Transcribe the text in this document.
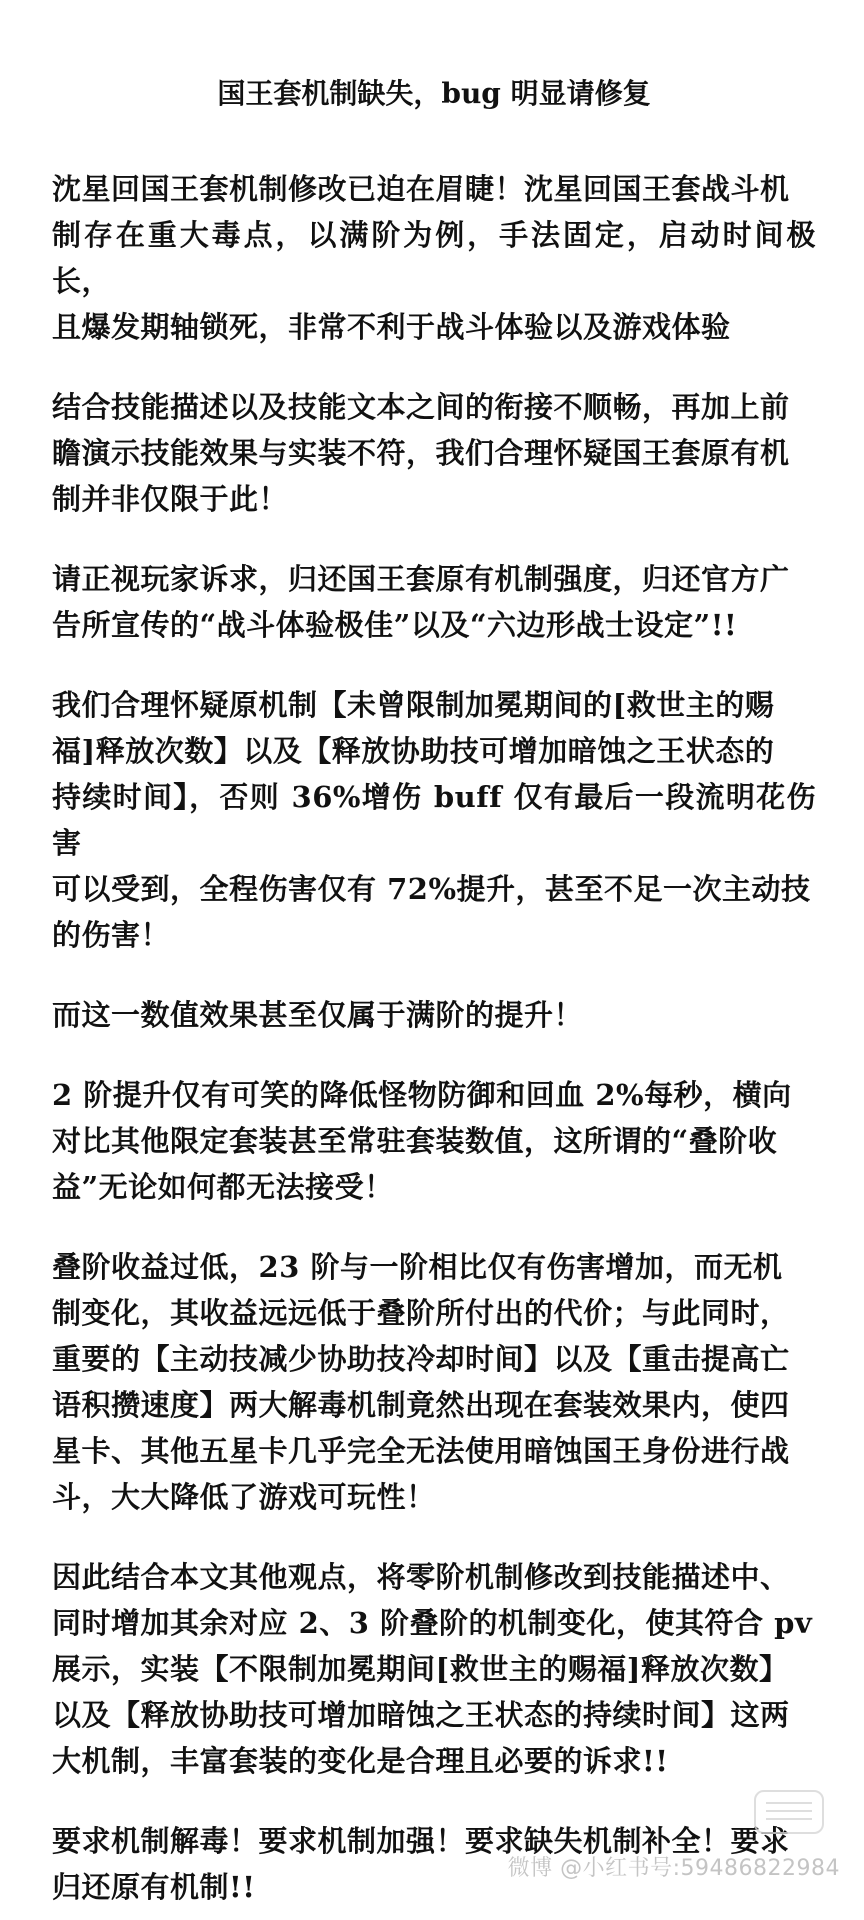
国王套机制缺失，bug 明显请修复
沈星回国王套机制修改已迫在眉睫！沈星回国王套战斗机
制存在重大毒点，以满阶为例，手法固定，启动时间极长，
且爆发期轴锁死，非常不利于战斗体验以及游戏体验
结合技能描述以及技能文本之间的衔接不顺畅，再加上前
瞻演示技能效果与实装不符，我们合理怀疑国王套原有机
制并非仅限于此！
请正视玩家诉求，归还国王套原有机制强度，归还官方广
告所宣传的“战斗体验极佳”以及“六边形战士设定”!!
我们合理怀疑原机制【未曾限制加冕期间的[救世主的赐
福]释放次数】以及【释放协助技可增加暗蚀之王状态的
持续时间】，否则 36%增伤 buff 仅有最后一段流明花伤害
可以受到，全程伤害仅有 72%提升，甚至不足一次主动技
的伤害！
而这一数值效果甚至仅属于满阶的提升！
2 阶提升仅有可笑的降低怪物防御和回血 2%每秒，横向
对比其他限定套装甚至常驻套装数值，这所谓的“叠阶收
益”无论如何都无法接受！
叠阶收益过低，23 阶与一阶相比仅有伤害增加，而无机
制变化，其收益远远低于叠阶所付出的代价；与此同时，
重要的【主动技减少协助技冷却时间】以及【重击提高亡
语积攒速度】两大解毒机制竟然出现在套装效果内，使四
星卡、其他五星卡几乎完全无法使用暗蚀国王身份进行战
斗，大大降低了游戏可玩性！
因此结合本文其他观点，将零阶机制修改到技能描述中、
同时增加其余对应 2、3 阶叠阶的机制变化，使其符合 pv
展示，实装【不限制加冕期间[救世主的赐福]释放次数】
以及【释放协助技可增加暗蚀之王状态的持续时间】这两
大机制，丰富套装的变化是合理且必要的诉求!!
要求机制解毒！要求机制加强！要求缺失机制补全！要求
归还原有机制!!
微博 @小红书号:59486822984
